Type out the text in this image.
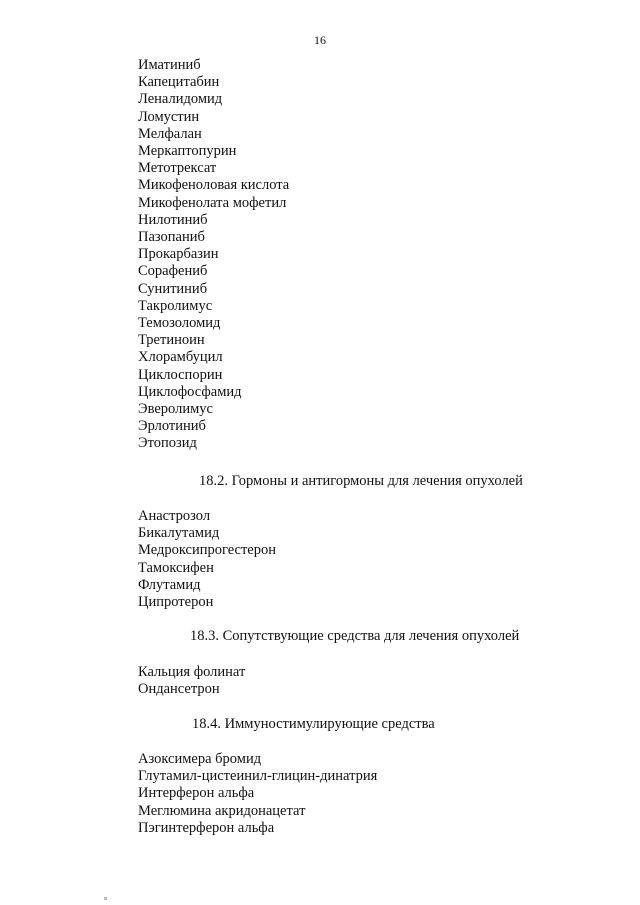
16
Иматиниб
Капецитабин
Леналидомид
Ломустин
Мелфалан
Меркаптопурин
Метотрексат
Микофеноловая кислота
Микофенолата мофетил
Нилотиниб
Пазопаниб
Прокарбазин
Сорафениб
Сунитиниб
Такролимус
Темозоломид
Третиноин
Хлорамбуцил
Циклоспорин
Циклофосфамид
Эверолимус
Эрлотиниб
Этопозид
18.2. Гормоны и антигормоны для лечения опухолей
Анастрозол
Бикалутамид
Медроксипрогестерон
Тамоксифен
Флутамид
Ципротерон
18.3. Сопутствующие средства для лечения опухолей
Кальция фолинат
Ондансетрон
18.4. Иммуностимулирующие средства
Азоксимера бромид
Глутамил-цистеинил-глицин-динатрия
Интерферон альфа
Меглюмина акридонацетат
Пэгинтерферон альфа
